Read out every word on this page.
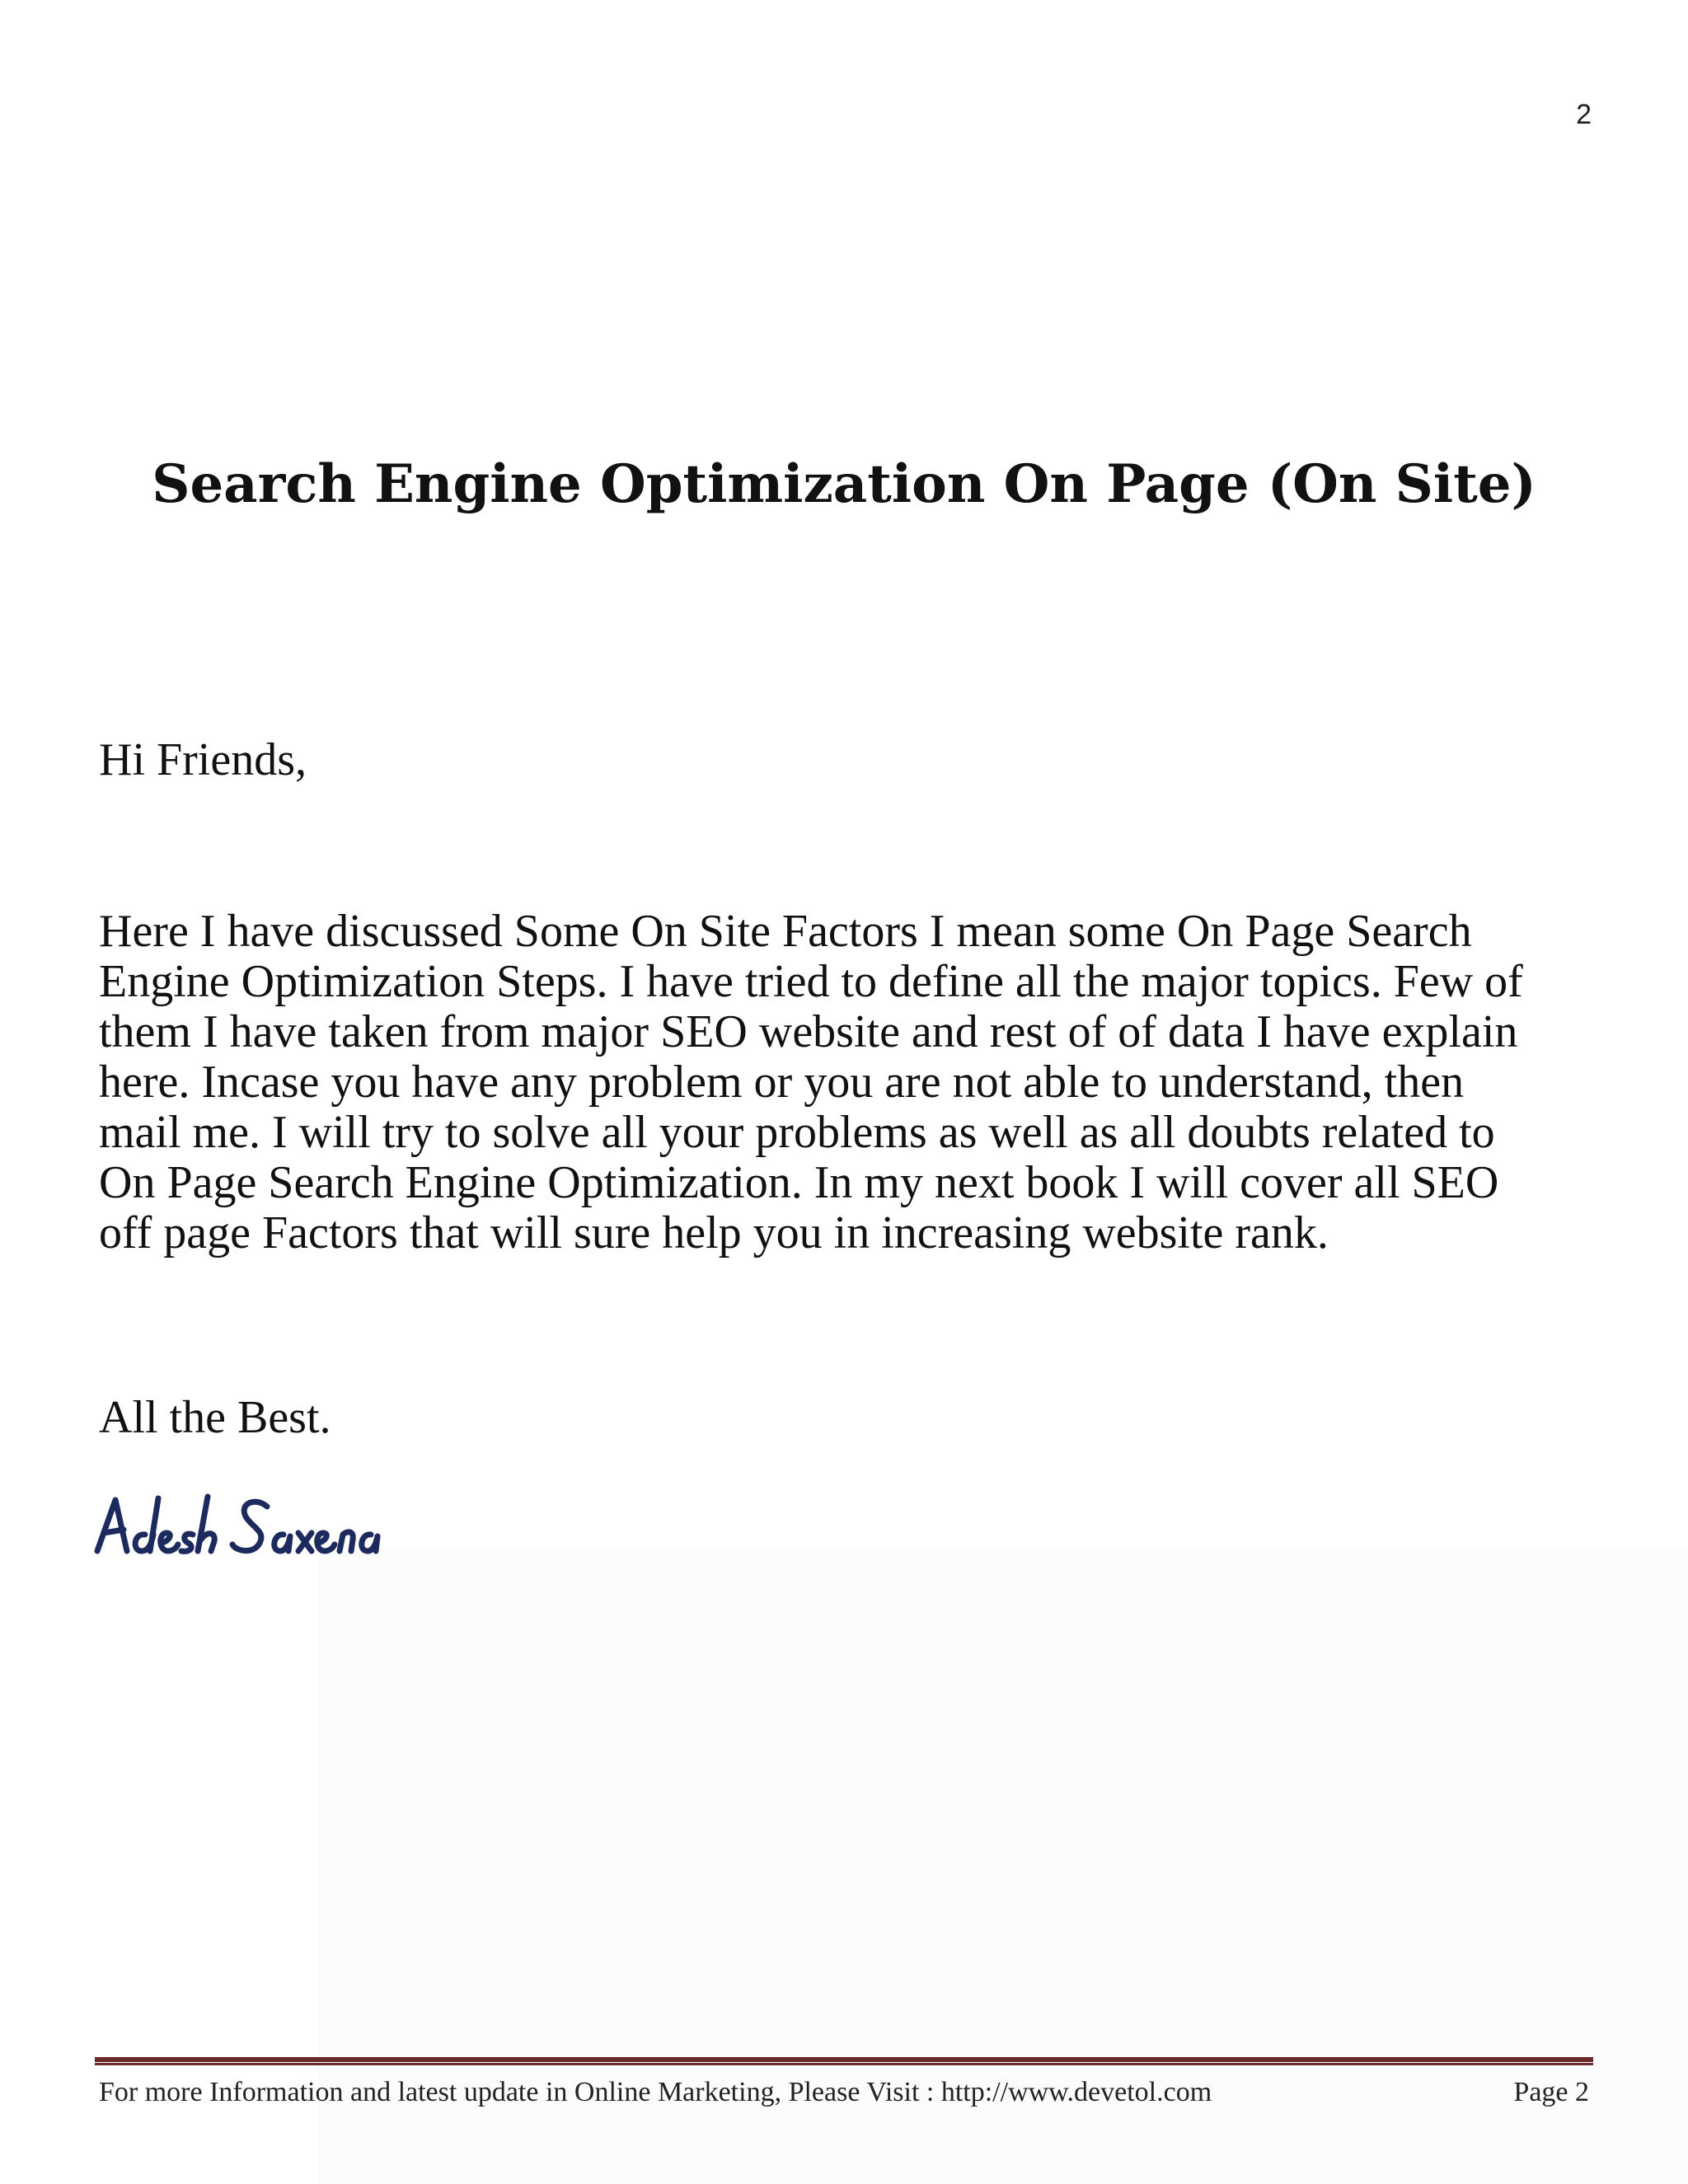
2
Search Engine Optimization On Page (On Site)

Hi Friends,

Here I have discussed Some On Site Factors I mean some On Page Search
Engine Optimization Steps. I have tried to define all the major topics. Few of
them I have taken from major SEO website and rest of of data I have explain
here. Incase you have any problem or you are not able to understand, then
mail me. I will try to solve all your problems as well as all doubts related to
On Page Search Engine Optimization. In my next book I will cover all SEO
off page Factors that will sure help you in increasing website rank.

All the Best.

For more Information and latest update in Online Marketing, Please Visit : http://www.devetol.com	Page 2
